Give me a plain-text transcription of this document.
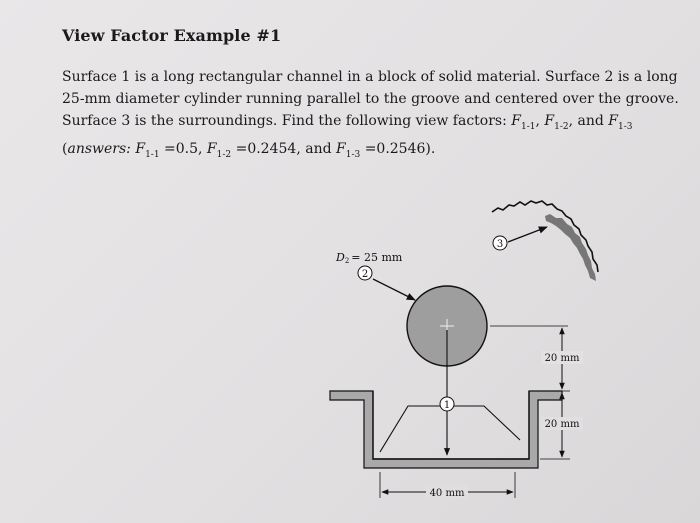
View Factor Example #1

Surface 1 is a long rectangular channel in a block of solid material. Surface 2 is a long

25-mm diameter cylinder running parallel to the groove and centered over the groove.

Surface 3 is the surroundings. Find the following view factors: $F_{1-1}$, $F_{1-2}$, and $F_{1-3}$

(answers: $F_{1-1} =0.5$, $F_{1-2} =0.2454$, and $F_{1-3} =0.2546$).

3
D2 = 25 mm
2
1
20 mm
20 mm
40 mm
